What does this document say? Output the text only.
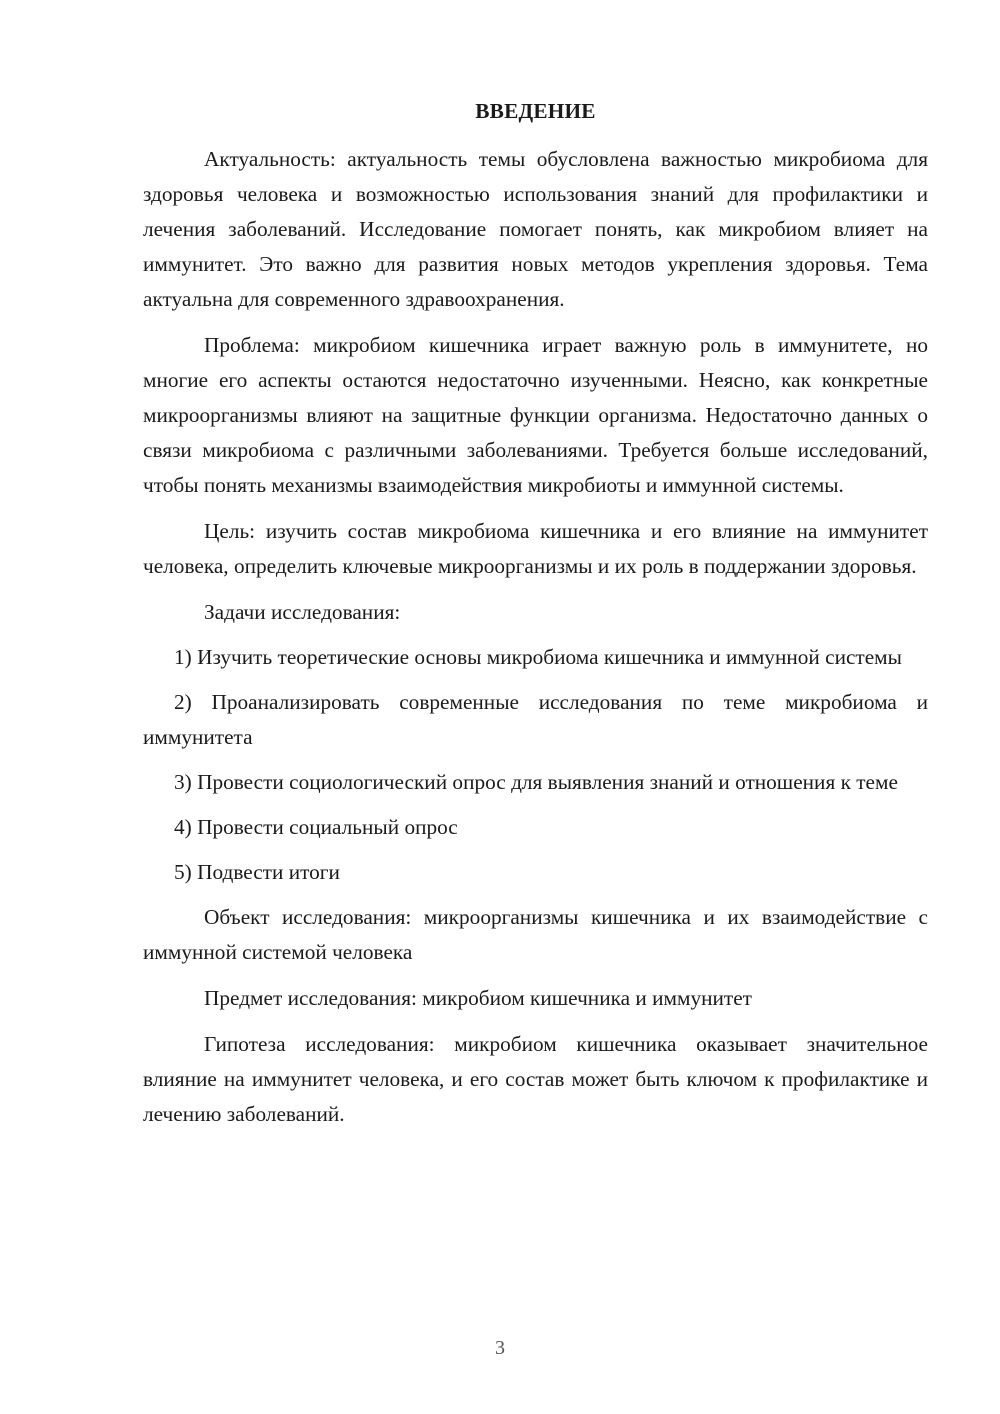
ВВЕДЕНИЕ

Актуальность: актуальность темы обусловлена важностью микробиома для здоровья человека и возможностью использования знаний для профилактики и лечения заболеваний. Исследование помогает понять, как микробиом влияет на иммунитет. Это важно для развития новых методов укрепления здоровья. Тема актуальна для современного здравоохранения.

Проблема: микробиом кишечника играет важную роль в иммунитете, но многие его аспекты остаются недостаточно изученными. Неясно, как конкретные микроорганизмы влияют на защитные функции организма. Недостаточно данных о связи микробиома с различными заболеваниями. Требуется больше исследований, чтобы понять механизмы взаимодействия микробиоты и иммунной системы.

Цель: изучить состав микробиома кишечника и его влияние на иммунитет человека, определить ключевые микроорганизмы и их роль в поддержании здоровья.

Задачи исследования:

1) Изучить теоретические основы микробиома кишечника и иммунной системы

2) Проанализировать современные исследования по теме микробиома и иммунитета

3) Провести социологический опрос для выявления знаний и отношения к теме

4) Провести социальный опрос

5) Подвести итоги

Объект исследования: микроорганизмы кишечника и их взаимодействие с иммунной системой человека

Предмет исследования: микробиом кишечника и иммунитет

Гипотеза исследования: микробиом кишечника оказывает значительное влияние на иммунитет человека, и его состав может быть ключом к профилактике и лечению заболеваний.

3
